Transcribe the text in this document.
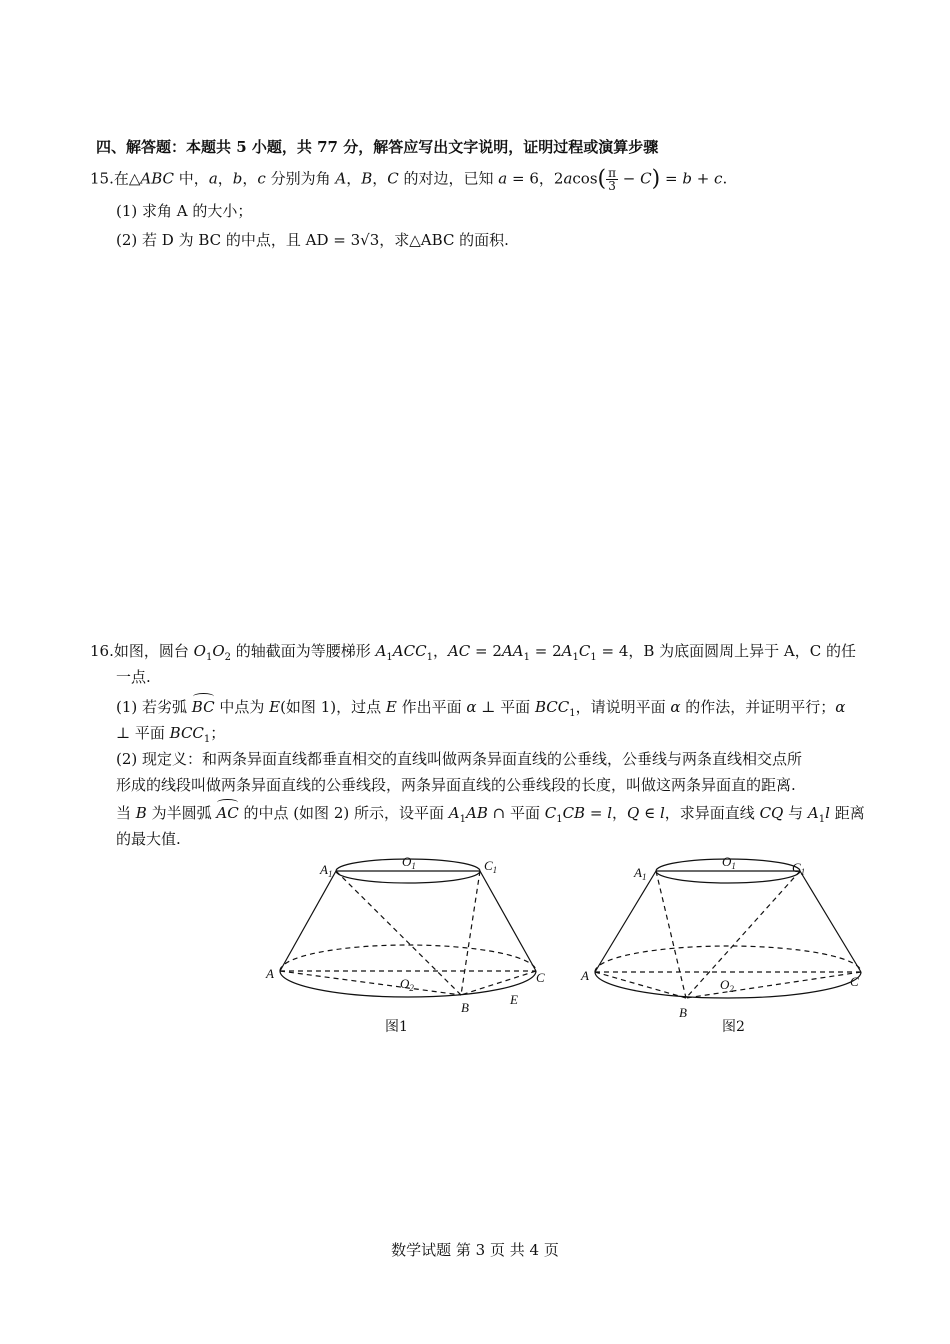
四、解答题：本题共 5 小题，共 77 分，解答应写出文字说明，证明过程或演算步骤
15.在△ABC 中，a，b，c 分别为角 A，B，C 的对边，已知 a = 6，$2acos( \frac{\pi}{3} - C) = b + c$.
(1) 求角 A 的大小；
(2) 若 D 为 BC 的中点，且 AD = 3√3，求△ABC 的面积.
16.如图，圆台 $O_1O_2$ 的轴截面为等腰梯形 $A_1ACC_1$，AC = $2AA_1 = 2A_1C_1 = 4$，B 为底面圆周上异于 A，C 的任
一点.
(1) 若劣弧 BC 中点为 E(如图 1)，过点 E 作出平面 α ⊥ 平面 $BCC_1$，请说明平面 α 的作法，并证明平行；α
⊥ 平面 $BCC_1$；
(2) 现定义：和两条异面直线都垂直相交的直线叫做两条异面直线的公垂线，公垂线与两条直线相交点所
形成的线段叫做两条异面直线的公垂线段，两条异面直线的公垂线段的长度，叫做这两条异面直的距离.
当 B 为半圆弧 AC 的中点 (如图 2) 所示，设平面 $A_1AB$ ∩ 平面 $C_1CB = l$，Q ∈ l，求异面直线 CQ 与 $A_1l$ 距离
的最大值.
$A_1$
$O_1$	$C_1$
A
$O_2$
C
B
E
图1
$A_1$
$O_1$	$C_1$
A
$O_2$	C
B
图2
数学试题 第 3 页 共 4 页
